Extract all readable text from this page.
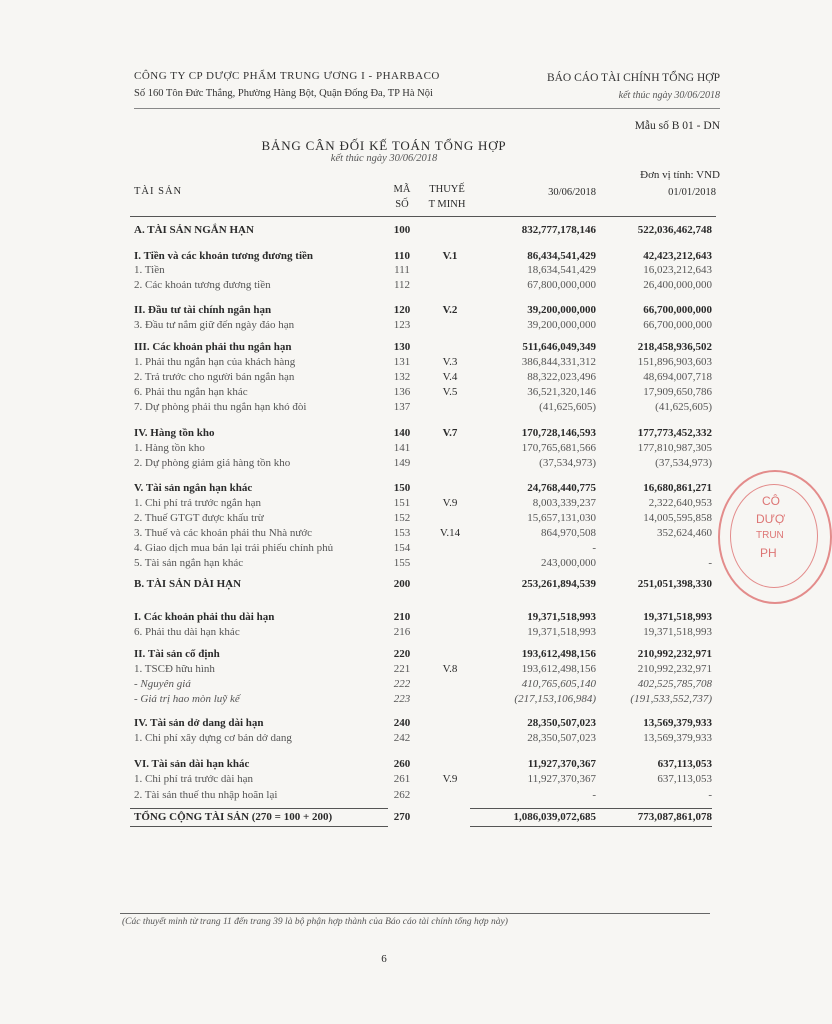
CÔNG TY CP DƯỢC PHẨM TRUNG ƯƠNG I - PHARBACO
Số 160 Tôn Đức Thắng, Phường Hàng Bột, Quận Đống Đa, TP Hà Nội
BÁO CÁO TÀI CHÍNH TỔNG HỢP
kết thúc ngày 30/06/2018
Mẫu số B 01 - DN
BẢNG CÂN ĐỐI KẾ TOÁN TỔNG HỢP
kết thúc ngày 30/06/2018
Đơn vị tính: VND
TÀI SẢN	MÃ
SỐ
THUYẾ
T MINH
30/06/2018	01/01/2018
A. TÀI SẢN NGẮN HẠN	100	832,777,178,146	522,036,462,748
I. Tiền và các khoản tương đương tiền	110	V.1	86,434,541,429	42,423,212,643
1. Tiền	111	18,634,541,429	16,023,212,643
2. Các khoản tương đương tiền	112	67,800,000,000	26,400,000,000
II. Đầu tư tài chính ngắn hạn	120	V.2	39,200,000,000	66,700,000,000
3. Đầu tư nắm giữ đến ngày đáo hạn	123	39,200,000,000	66,700,000,000
III. Các khoản phải thu ngắn hạn	130	511,646,049,349	218,458,936,502
1. Phải thu ngắn hạn của khách hàng	131	V.3	386,844,331,312	151,896,903,603
2. Trả trước cho người bán ngắn hạn	132	V.4	88,322,023,496	48,694,007,718
6. Phải thu ngắn hạn khác	136	V.5	36,521,320,146	17,909,650,786
7. Dự phòng phải thu ngắn hạn khó đòi	137	(41,625,605)	(41,625,605)
IV. Hàng tồn kho	140	V.7	170,728,146,593	177,773,452,332
1. Hàng tồn kho	141	170,765,681,566	177,810,987,305
2. Dự phòng giảm giá hàng tồn kho	149	(37,534,973)	(37,534,973)
V. Tài sản ngắn hạn khác	150	24,768,440,775	16,680,861,271
1. Chi phí trả trước ngắn hạn	151	V.9	8,003,339,237	2,322,640,953
2. Thuế GTGT được khấu trừ	152	15,657,131,030	14,005,595,858
3. Thuế và các khoản phải thu Nhà nước	153	V.14	864,970,508	352,624,460
4. Giao dịch mua bán lại trái phiếu chính phủ	154	-
5. Tài sản ngắn hạn khác	155	243,000,000	-
B. TÀI SẢN DÀI HẠN	200	253,261,894,539	251,051,398,330
I. Các khoản phải thu dài hạn	210	19,371,518,993	19,371,518,993
6. Phải thu dài hạn khác	216	19,371,518,993	19,371,518,993
II. Tài sản cố định	220	193,612,498,156	210,992,232,971
1. TSCĐ hữu hình	221	V.8	193,612,498,156	210,992,232,971
- Nguyên giá	222	410,765,605,140	402,525,785,708
- Giá trị hao mòn luỹ kế	223	(217,153,106,984)	(191,533,552,737)
IV. Tài sản dở dang dài hạn	240	28,350,507,023	13,569,379,933
1. Chi phí xây dựng cơ bản dở dang	242	28,350,507,023	13,569,379,933
VI. Tài sản dài hạn khác	260	11,927,370,367	637,113,053
1. Chi phí trả trước dài hạn	261	V.9	11,927,370,367	637,113,053
2. Tài sản thuế thu nhập hoãn lại	262	-	-
TỔNG CỘNG TÀI SẢN (270 = 100 + 200)	270	1,086,039,072,685	773,087,861,078
(Các thuyết minh từ trang 11 đến trang 39 là bộ phận hợp thành của Báo cáo tài chính tổng hợp này)
6
CÔ
DƯỢ
TRUN
PH
